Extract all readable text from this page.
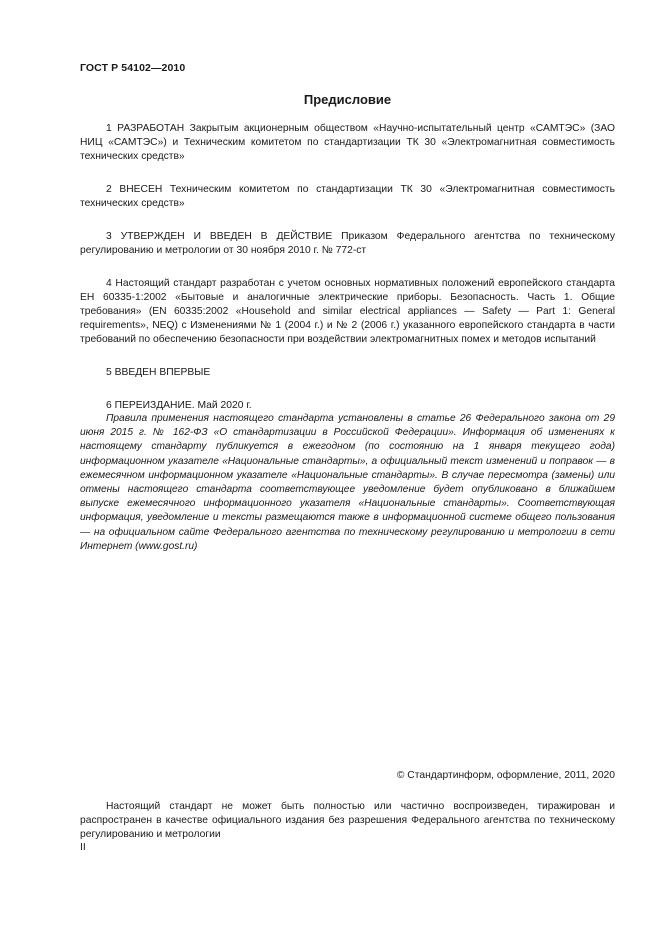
ГОСТ Р 54102—2010
Предисловие

1 РАЗРАБОТАН Закрытым акционерным обществом «Научно-испытательный центр «САМТЭС» (ЗАО НИЦ «САМТЭС») и Техническим комитетом по стандартизации ТК 30 «Электромагнитная совместимость технических средств»

2 ВНЕСЕН Техническим комитетом по стандартизации ТК 30 «Электромагнитная совместимость технических средств»

3 УТВЕРЖДЕН И ВВЕДЕН В ДЕЙСТВИЕ Приказом Федерального агентства по техническому регулированию и метрологии от 30 ноября 2010 г. № 772-ст

4 Настоящий стандарт разработан с учетом основных нормативных положений европейского стандарта ЕН 60335-1:2002 «Бытовые и аналогичные электрические приборы. Безопасность. Часть 1. Общие требования» (EN 60335:2002 «Household and similar electrical appliances — Safety — Part 1: General requirements», NEQ) с Изменениями № 1 (2004 г.) и № 2 (2006 г.) указанного европейского стандарта в части требований по обеспечению безопасности при воздействии электромагнитных помех и методов испытаний

5 ВВЕДЕН ВПЕРВЫЕ

6 ПЕРЕИЗДАНИЕ. Май 2020 г.

Правила применения настоящего стандарта установлены в статье 26 Федерального закона от 29 июня 2015 г. № 162-ФЗ «О стандартизации в Российской Федерации». Информация об изменениях к настоящему стандарту публикуется в ежегодном (по состоянию на 1 января текущего года) информационном указателе «Национальные стандарты», а официальный текст изменений и поправок — в ежемесячном информационном указателе «Национальные стандарты». В случае пересмотра (замены) или отмены настоящего стандарта соответствующее уведомление будет опубликовано в ближайшем выпуске ежемесячного информационного указателя «Национальные стандарты». Соответствующая информация, уведомление и тексты размещаются также в информационной системе общего пользования — на официальном сайте Федерального агентства по техническому регулированию и метрологии в сети Интернет (www.gost.ru)

© Стандартинформ, оформление, 2011, 2020

Настоящий стандарт не может быть полностью или частично воспроизведен, тиражирован и распространен в качестве официального издания без разрешения Федерального агентства по техническому регулированию и метрологии

II
